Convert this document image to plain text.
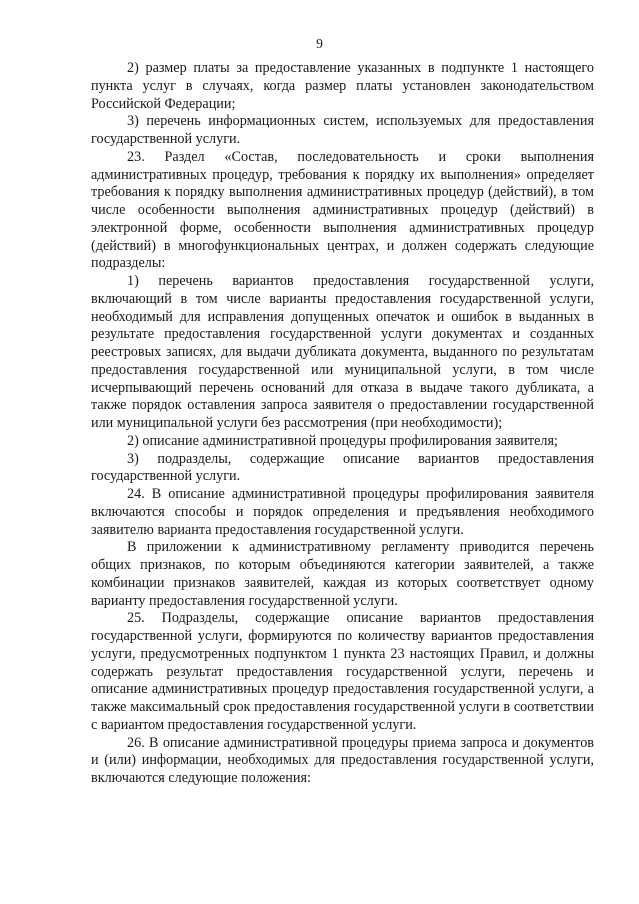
9

2) размер платы за предоставление указанных в подпункте 1 настоящего пункта услуг в случаях, когда размер платы установлен законодательством Российской Федерации;

3) перечень информационных систем, используемых для предоставления государственной услуги.

23. Раздел «Состав, последовательность и сроки выполнения административных процедур, требования к порядку их выполнения» определяет требования к порядку выполнения административных процедур (действий), в том числе особенности выполнения административных процедур (действий) в электронной форме, особенности выполнения административных процедур (действий) в многофункциональных центрах, и должен содержать следующие подразделы:

1) перечень вариантов предоставления государственной услуги, включающий в том числе варианты предоставления государственной услуги, необходимый для исправления допущенных опечаток и ошибок в выданных в результате предоставления государственной услуги документах и созданных реестровых записях, для выдачи дубликата документа, выданного по результатам предоставления государственной или муниципальной услуги, в том числе исчерпывающий перечень оснований для отказа в выдаче такого дубликата, а также порядок оставления запроса заявителя о предоставлении государственной или муниципальной услуги без рассмотрения (при необходимости);

2) описание административной процедуры профилирования заявителя;

3) подразделы, содержащие описание вариантов предоставления государственной услуги.

24. В описание административной процедуры профилирования заявителя включаются способы и порядок определения и предъявления необходимого заявителю варианта предоставления государственной услуги.

В приложении к административному регламенту приводится перечень общих признаков, по которым объединяются категории заявителей, а также комбинации признаков заявителей, каждая из которых соответствует одному варианту предоставления государственной услуги.

25. Подразделы, содержащие описание вариантов предоставления государственной услуги, формируются по количеству вариантов предоставления услуги, предусмотренных подпунктом 1 пункта 23 настоящих Правил, и должны содержать результат предоставления государственной услуги, перечень и описание административных процедур предоставления государственной услуги, а также максимальный срок предоставления государственной услуги в соответствии с вариантом предоставления государственной услуги.

26. В описание административной процедуры приема запроса и документов и (или) информации, необходимых для предоставления государственной услуги, включаются следующие положения:
